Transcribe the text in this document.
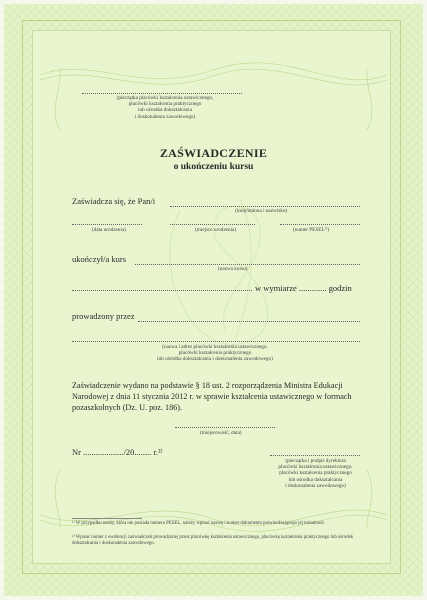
(pieczątka placówki kształcenia ustawicznego,
placówki kształcenia praktycznego
lub ośrodka dokształcania
i doskonalenia zawodowego)
ZAŚWIADCZENIE
o ukończeniu kursu
Zaświadcza się, że Pan/i
(imię/imiona i nazwisko)
(data urodzenia)	(miejsce urodzenia)	(numer PESEL¹⁾)
ukończył/a kurs
(nazwa kursu)
w wymiarze ............. godzin
prowadzony przez
(nazwa i adres placówki kształcenia ustawicznego,
placówki kształcenia praktycznego
lub ośrodka dokształcania i doskonalenia zawodowego)
Zaświadczenie wydano na podstawie § 18 ust. 2 rozporządzenia Ministra Edukacji Narodowej z dnia 11 stycznia 2012 r. w sprawie kształcenia ustawicznego w formach pozaszkolnych (Dz. U. poz. 186).
(miejscowość, data)
Nr .................../20........ r.²⁾
(pieczątka i podpis dyrektora
placówki kształcenia ustawicznego,
placówki kształcenia praktycznego
lub ośrodka dokształcania
i doskonalenia zawodowego)
¹⁾ W przypadku osoby, która nie posiada numeru PESEL, należy wpisać nazwę i numer dokumentu potwierdzającego jej tożsamość.
²⁾ Wpisać numer z ewidencji zaświadczeń prowadzonej przez placówkę kształcenia ustawicznego, placówkę kształcenia praktycznego lub ośrodek dokształcania i doskonalenia zawodowego.
